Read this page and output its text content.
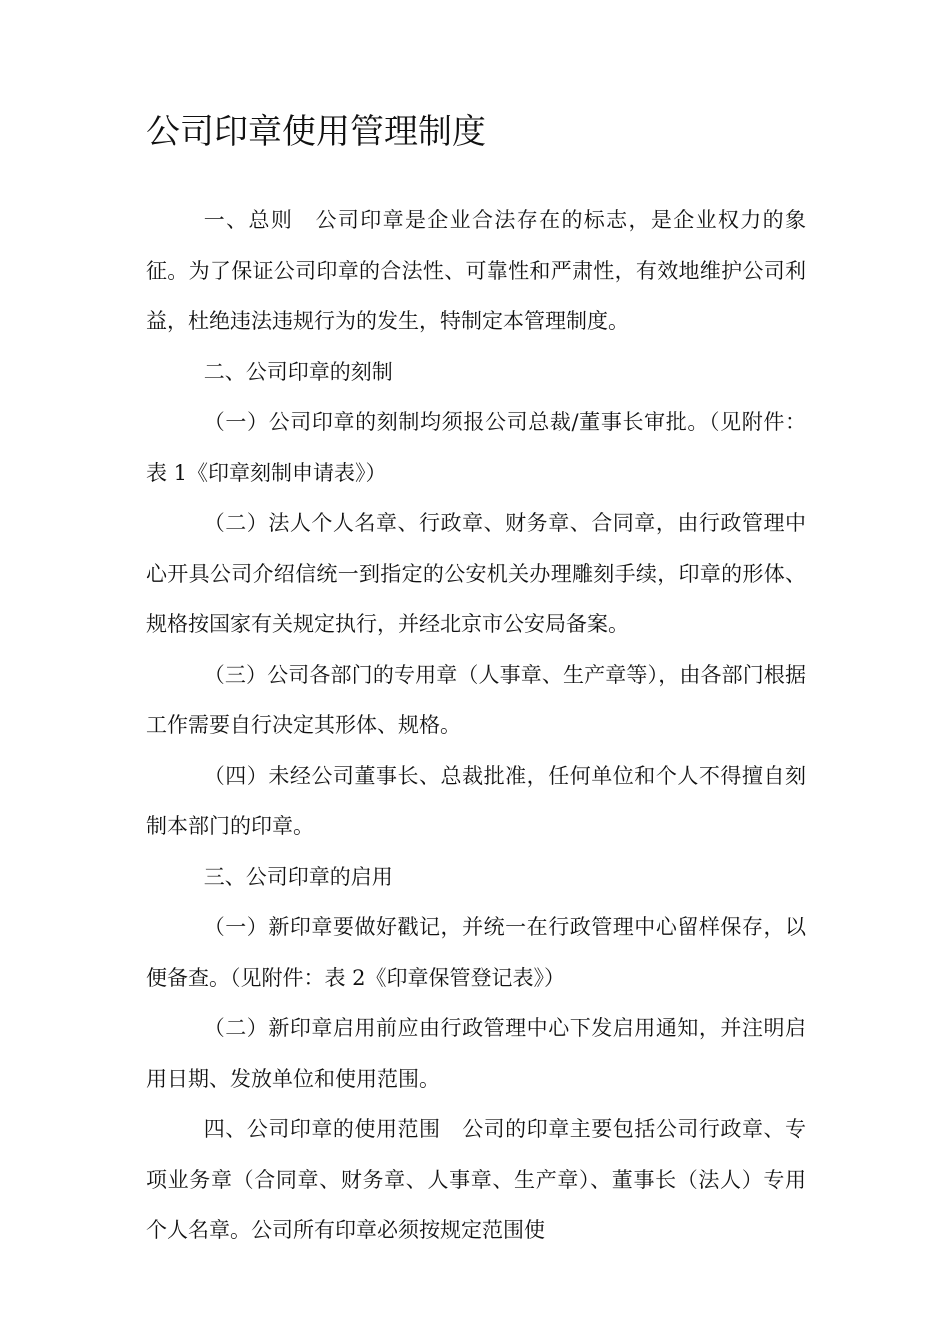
公司印章使用管理制度

一、总则　公司印章是企业合法存在的标志，是企业权力的象征。为了保证公司印章的合法性、可靠性和严肃性，有效地维护公司利益，杜绝违法违规行为的发生，特制定本管理制度。

二、公司印章的刻制

（一）公司印章的刻制均须报公司总裁/董事长审批。（见附件：表 1《印章刻制申请表》）

（二）法人个人名章、行政章、财务章、合同章，由行政管理中心开具公司介绍信统一到指定的公安机关办理雕刻手续，印章的形体、规格按国家有关规定执行，并经北京市公安局备案。

（三）公司各部门的专用章（人事章、生产章等），由各部门根据工作需要自行决定其形体、规格。

（四）未经公司董事长、总裁批准，任何单位和个人不得擅自刻制本部门的印章。

三、公司印章的启用

（一）新印章要做好戳记，并统一在行政管理中心留样保存，以便备查。（见附件：表 2《印章保管登记表》）

（二）新印章启用前应由行政管理中心下发启用通知，并注明启用日期、发放单位和使用范围。

四、公司印章的使用范围　公司的印章主要包括公司行政章、专项业务章（合同章、财务章、人事章、生产章）、董事长（法人）专用个人名章。公司所有印章必须按规定范围使
